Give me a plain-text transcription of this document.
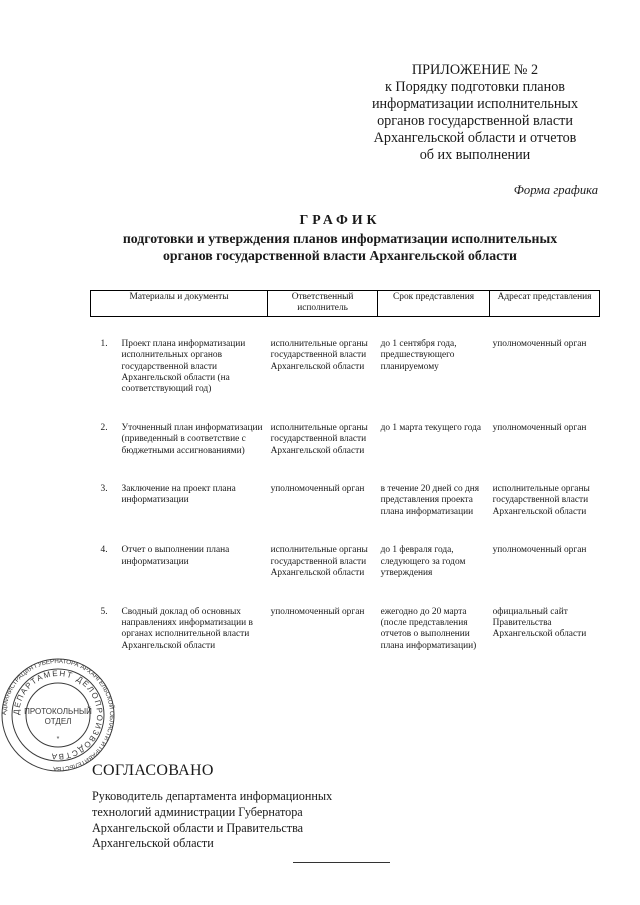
ПРИЛОЖЕНИЕ № 2
к Порядку подготовки планов
информатизации исполнительных
органов государственной власти
Архангельской области и отчетов
об их выполнении
Форма графика
ГРАФИК
подготовки и утверждения планов информатизации исполнительных
органов государственной власти Архангельской области
Материалы и документы		Ответственный исполнитель	Срок представления	Адресат представления

1.	Проект плана информатизации исполнительных органов государственной власти Архангельской области (на соответствующий год)	исполнительные органы государственной власти Архангельской области	до 1 сентября года, предшествующего планируемому	уполномоченный орган
2.	Уточненный план информатизации (приведенный в соответствие с бюджетными ассигнованиями)	исполнительные органы государственной власти Архангельской области	до 1 марта текущего года	уполномоченный орган
3.	Заключение на проект плана информатизации	уполномоченный орган	в течение 20 дней со дня представления проекта плана информатизации	исполнительные органы государственной власти Архангельской области
4.	Отчет о выполнении плана информатизации	исполнительные органы государственной власти Архангельской области	до 1 февраля года, следующего за годом утверждения	уполномоченный орган
5.	Сводный доклад об основных направлениях информатизации в органах исполнительной власти Архангельской области	уполномоченный орган	ежегодно до 20 марта (после представления отчетов о выполнении плана информатизации)	официальный сайт Правительства Архангельской области
АДМИНИСТРАЦИЯ ГУБЕРНАТОРА АРХАНГЕЛЬСКОЙ ОБЛАСТИ И ПРАВИТЕЛЬСТВА
ДЕПАРТАМЕНТ ДЕЛОПРОИЗВОДСТВА
ПРОТОКОЛЬНЫЙ
ОТДЕЛ
*
СОГЛАСОВАНО
Руководитель департамента информационных
технологий администрации Губернатора
Архангельской области и Правительства
Архангельской области
